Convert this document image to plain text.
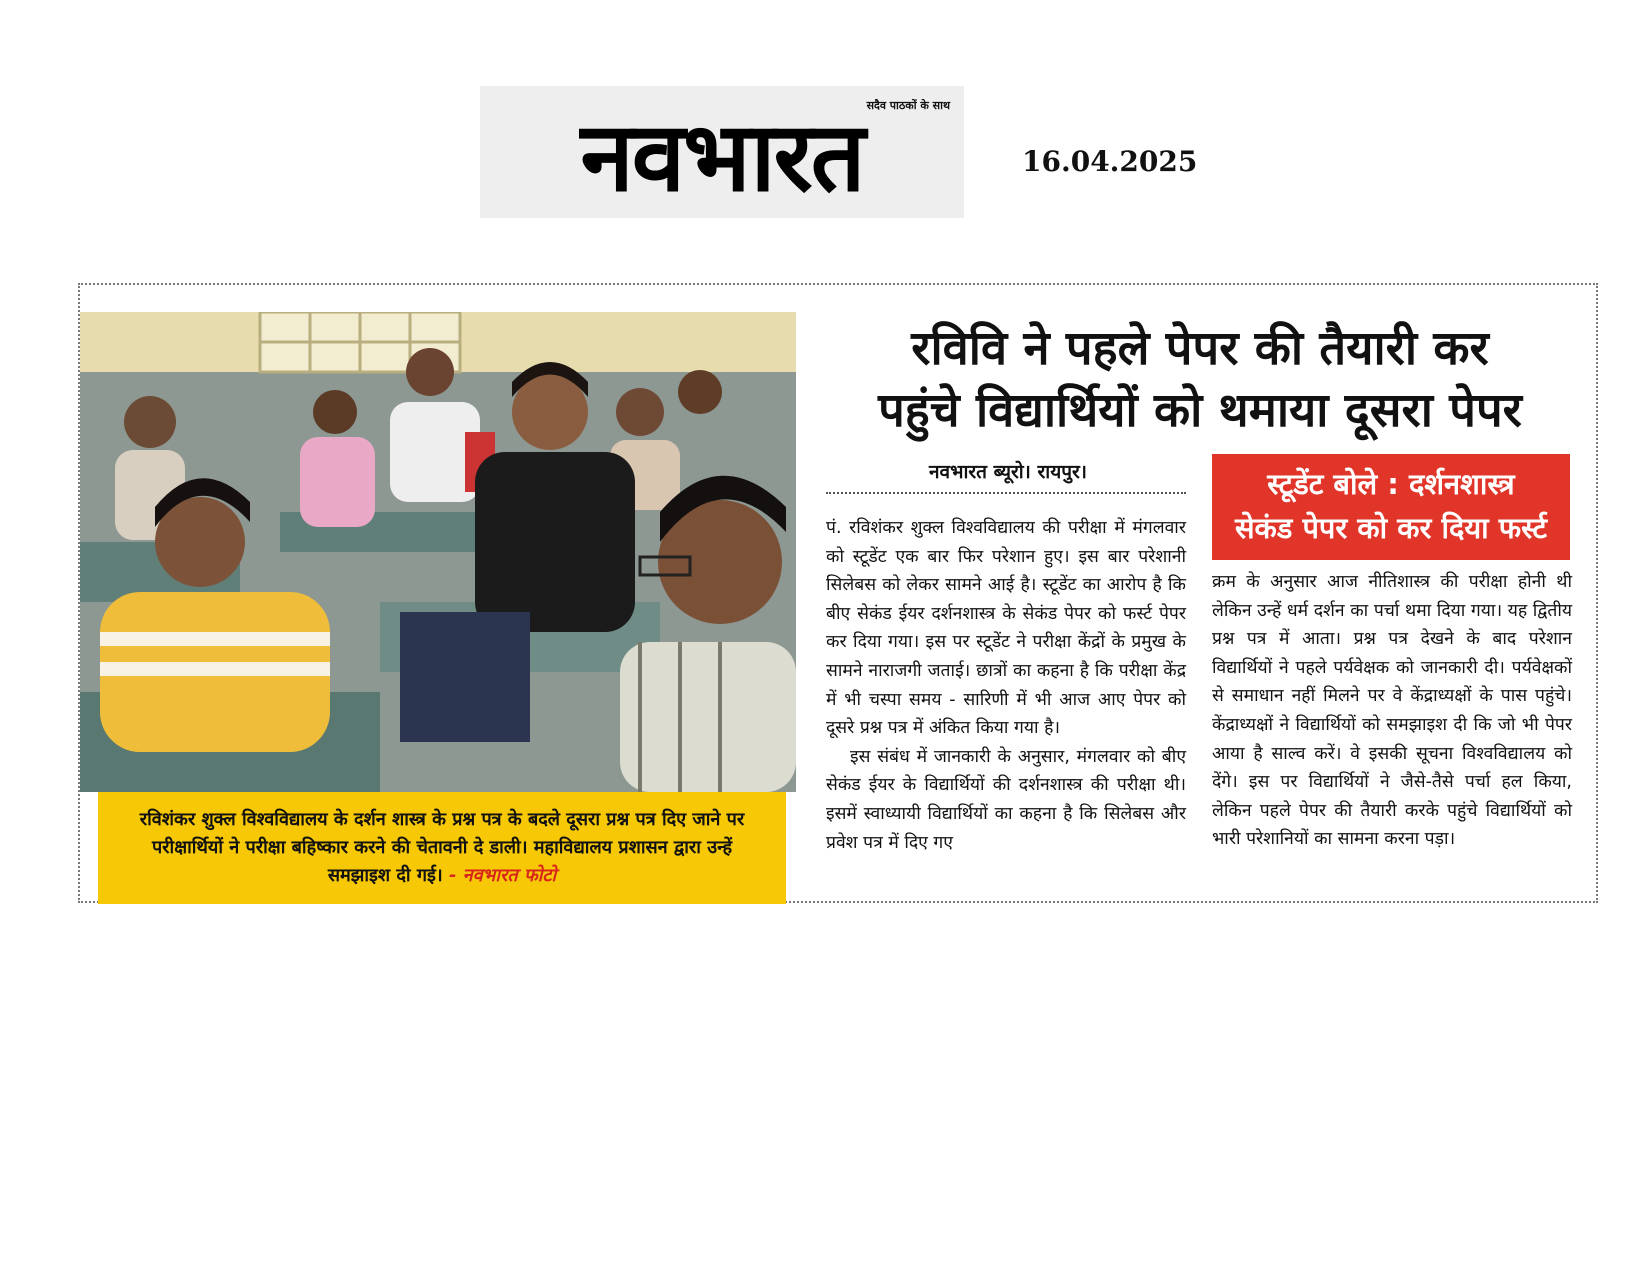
सदैव पाठकों के साथ
नवभारत	16.04.2025
रविशंकर शुक्ल विश्वविद्यालय के दर्शन शास्त्र के प्रश्न पत्र के बदले दूसरा प्रश्न पत्र दिए जाने पर परीक्षार्थियों ने परीक्षा बहिष्कार करने की चेतावनी दे डाली। महाविद्यालय प्रशासन द्वारा उन्हें समझाइश दी गई। - नवभारत फोटो
रविवि ने पहले पेपर की तैयारी कर
पहुंचे विद्यार्थियों को थमाया दूसरा पेपर
नवभारत ब्यूरो। रायपुर।

पं. रविशंकर शुक्ल विश्वविद्यालय की परीक्षा में मंगलवार को स्टूडेंट एक बार फिर परेशान हुए। इस बार परेशानी सिलेबस को लेकर सामने आई है। स्टूडेंट का आरोप है कि बीए सेकंड ईयर दर्शनशास्त्र के सेकंड पेपर को फर्स्ट पेपर कर दिया गया। इस पर स्टूडेंट ने परीक्षा केंद्रों के प्रमुख के सामने नाराजगी जताई। छात्रों का कहना है कि परीक्षा केंद्र में भी चस्पा समय - सारिणी में भी आज आए पेपर को दूसरे प्रश्न पत्र में अंकित किया गया है।

इस संबंध में जानकारी के अनुसार, मंगलवार को बीए सेकंड ईयर के विद्यार्थियों की दर्शनशास्त्र की परीक्षा थी। इसमें स्वाध्यायी विद्यार्थियों का कहना है कि सिलेबस और प्रवेश पत्र में दिए गए

स्टूडेंट बोले : दर्शनशास्त्र
सेकंड पेपर को कर दिया फर्स्ट

क्रम के अनुसार आज नीतिशास्त्र की परीक्षा होनी थी लेकिन उन्हें धर्म दर्शन का पर्चा थमा दिया गया। यह द्वितीय प्रश्न पत्र में आता। प्रश्न पत्र देखने के बाद परेशान विद्यार्थियों ने पहले पर्यवेक्षक को जानकारी दी। पर्यवेक्षकों से समाधान नहीं मिलने पर वे केंद्राध्यक्षों के पास पहुंचे। केंद्राध्यक्षों ने विद्यार्थियों को समझाइश दी कि जो भी पेपर आया है साल्व करें। वे इसकी सूचना विश्वविद्यालय को देंगे। इस पर विद्यार्थियों ने जैसे-तैसे पर्चा हल किया, लेकिन पहले पेपर की तैयारी करके पहुंचे विद्यार्थियों को भारी परेशानियों का सामना करना पड़ा।
